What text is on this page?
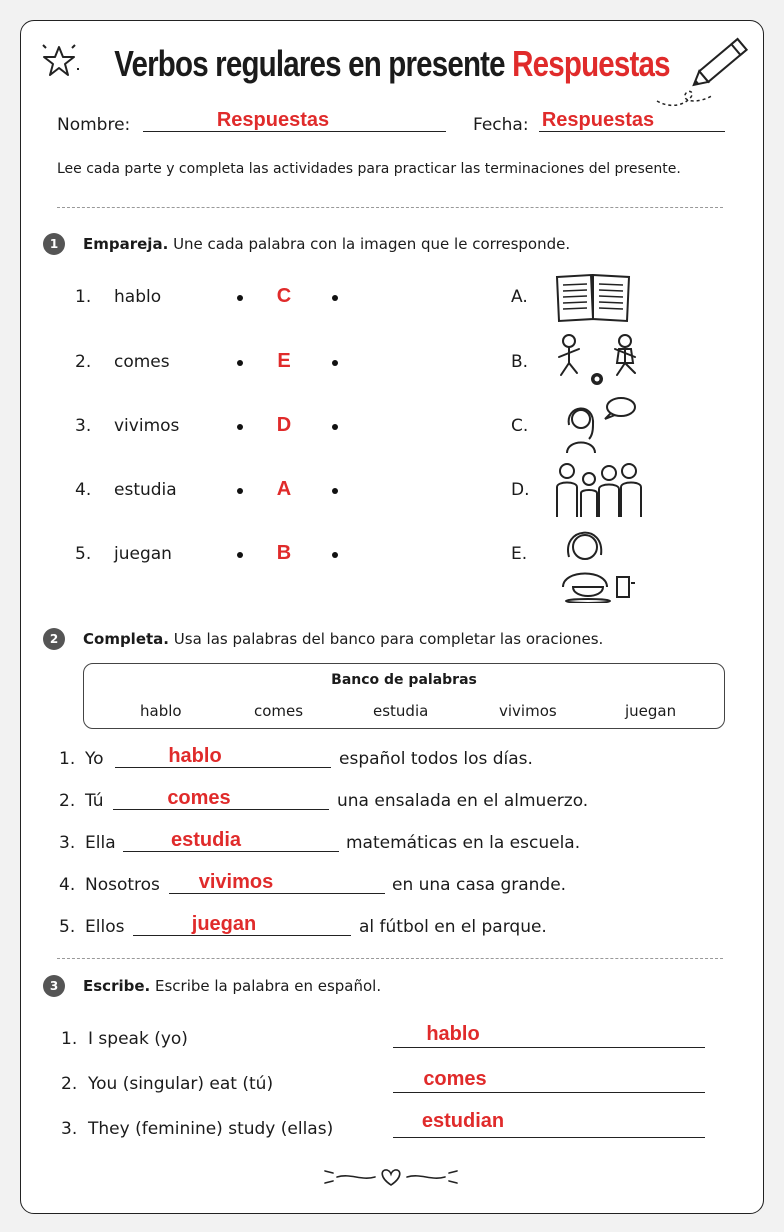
Verbos regulares en presente Respuestas
Nombre:	Respuestas	Fecha: Respuestas
Lee cada parte y completa las actividades para practicar las terminaciones del presente.
1	Empareja. Une cada palabra con la imagen que le corresponde.
1. hablo	C	A.
2. comes	E	B.
3. vivimos	D	C.
4. estudia	A	D.
5. juegan	B	E.
2	Completa. Usa las palabras del banco para completar las oraciones.
Banco de palabras
hablo	comes	estudia	vivimos	juegan
1. Yo	hablo	español todos los días.
2. Tú	comes	una ensalada en el almuerzo.
3. Ella	estudia	matemáticas en la escuela.
4. Nosotros	vivimos	en una casa grande.
5. Ellos	juegan	al fútbol en el parque.
3	Escribe. Escribe la palabra en español.
1. I speak (yo)	hablo
2. You (singular) eat (tú)	comes
3. They (feminine) study (ellas)	estudian
